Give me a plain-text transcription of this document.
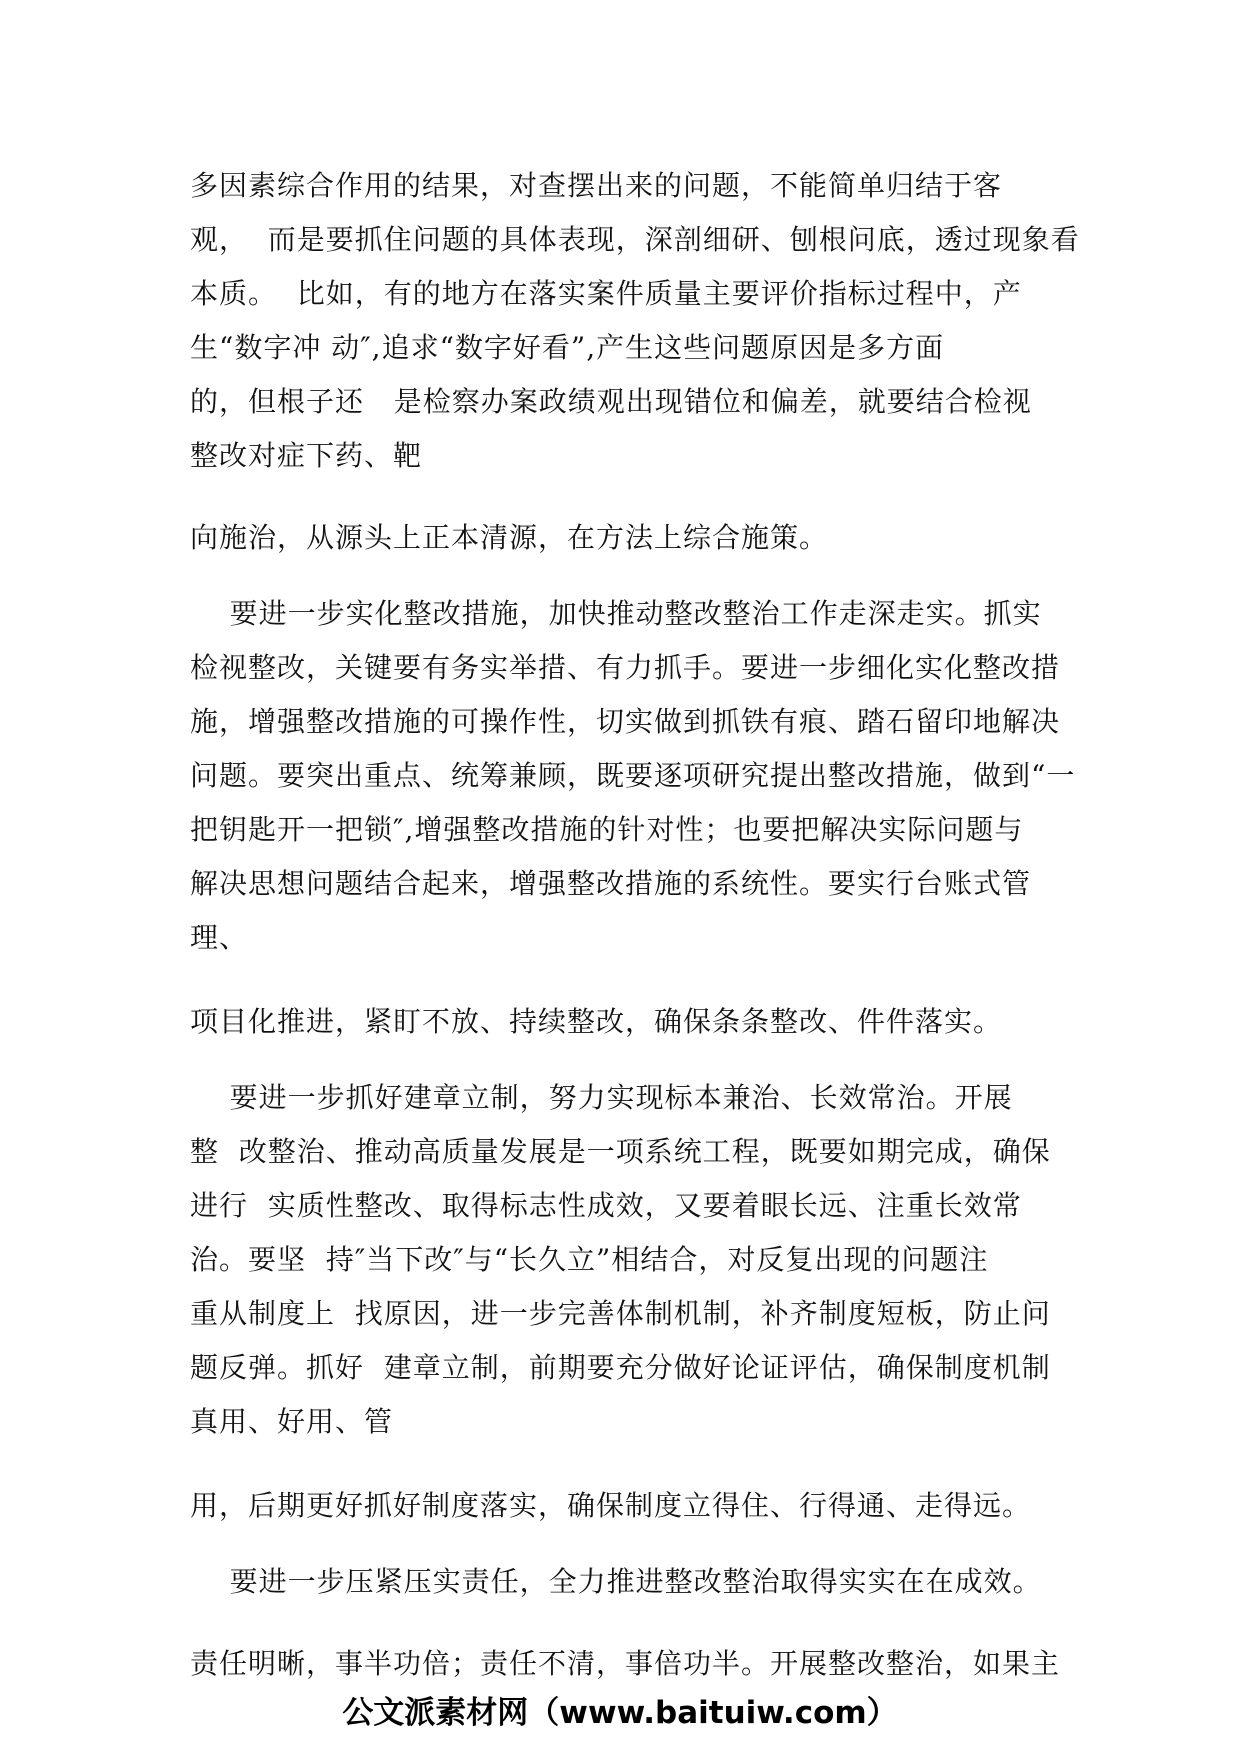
多因素综合作用的结果，对查摆出来的问题，不能简单归结于客
观，  而是要抓住问题的具体表现，深剖细研、刨根问底，透过现象看
本质。  比如，有的地方在落实案件质量主要评价指标过程中，产
生“数字冲 动″,追求“数字好看”,产生这些问题原因是多方面
的，但根子还   是检察办案政绩观出现错位和偏差，就要结合检视
整改对症下药、靶
向施治，从源头上正本清源，在方法上综合施策。
要进一步实化整改措施，加快推动整改整治工作走深走实。抓实
检视整改，关键要有务实举措、有力抓手。要进一步细化实化整改措
施，增强整改措施的可操作性，切实做到抓铁有痕、踏石留印地解决
问题。要突出重点、统筹兼顾，既要逐项研究提出整改措施，做到“一
把钥匙开一把锁″,增强整改措施的针对性；也要把解决实际问题与
解决思想问题结合起来，增强整改措施的系统性。要实行台账式管
理、
项目化推进，紧盯不放、持续整改，确保条条整改、件件落实。
要进一步抓好建章立制，努力实现标本兼治、长效常治。开展
整  改整治、推动高质量发展是一项系统工程，既要如期完成，确保
进行  实质性整改、取得标志性成效，又要着眼长远、注重长效常
治。要坚  持″当下改″与“长久立”相结合，对反复出现的问题注
重从制度上  找原因，进一步完善体制机制，补齐制度短板，防止问
题反弹。抓好  建章立制，前期要充分做好论证评估，确保制度机制
真用、好用、管
用，后期更好抓好制度落实，确保制度立得住、行得通、走得远。
要进一步压紧压实责任，全力推进整改整治取得实实在在成效。
责任明晰，事半功倍；责任不清，事倍功半。开展整改整治，如果主
公文派素材网（www.baituiw.com）
